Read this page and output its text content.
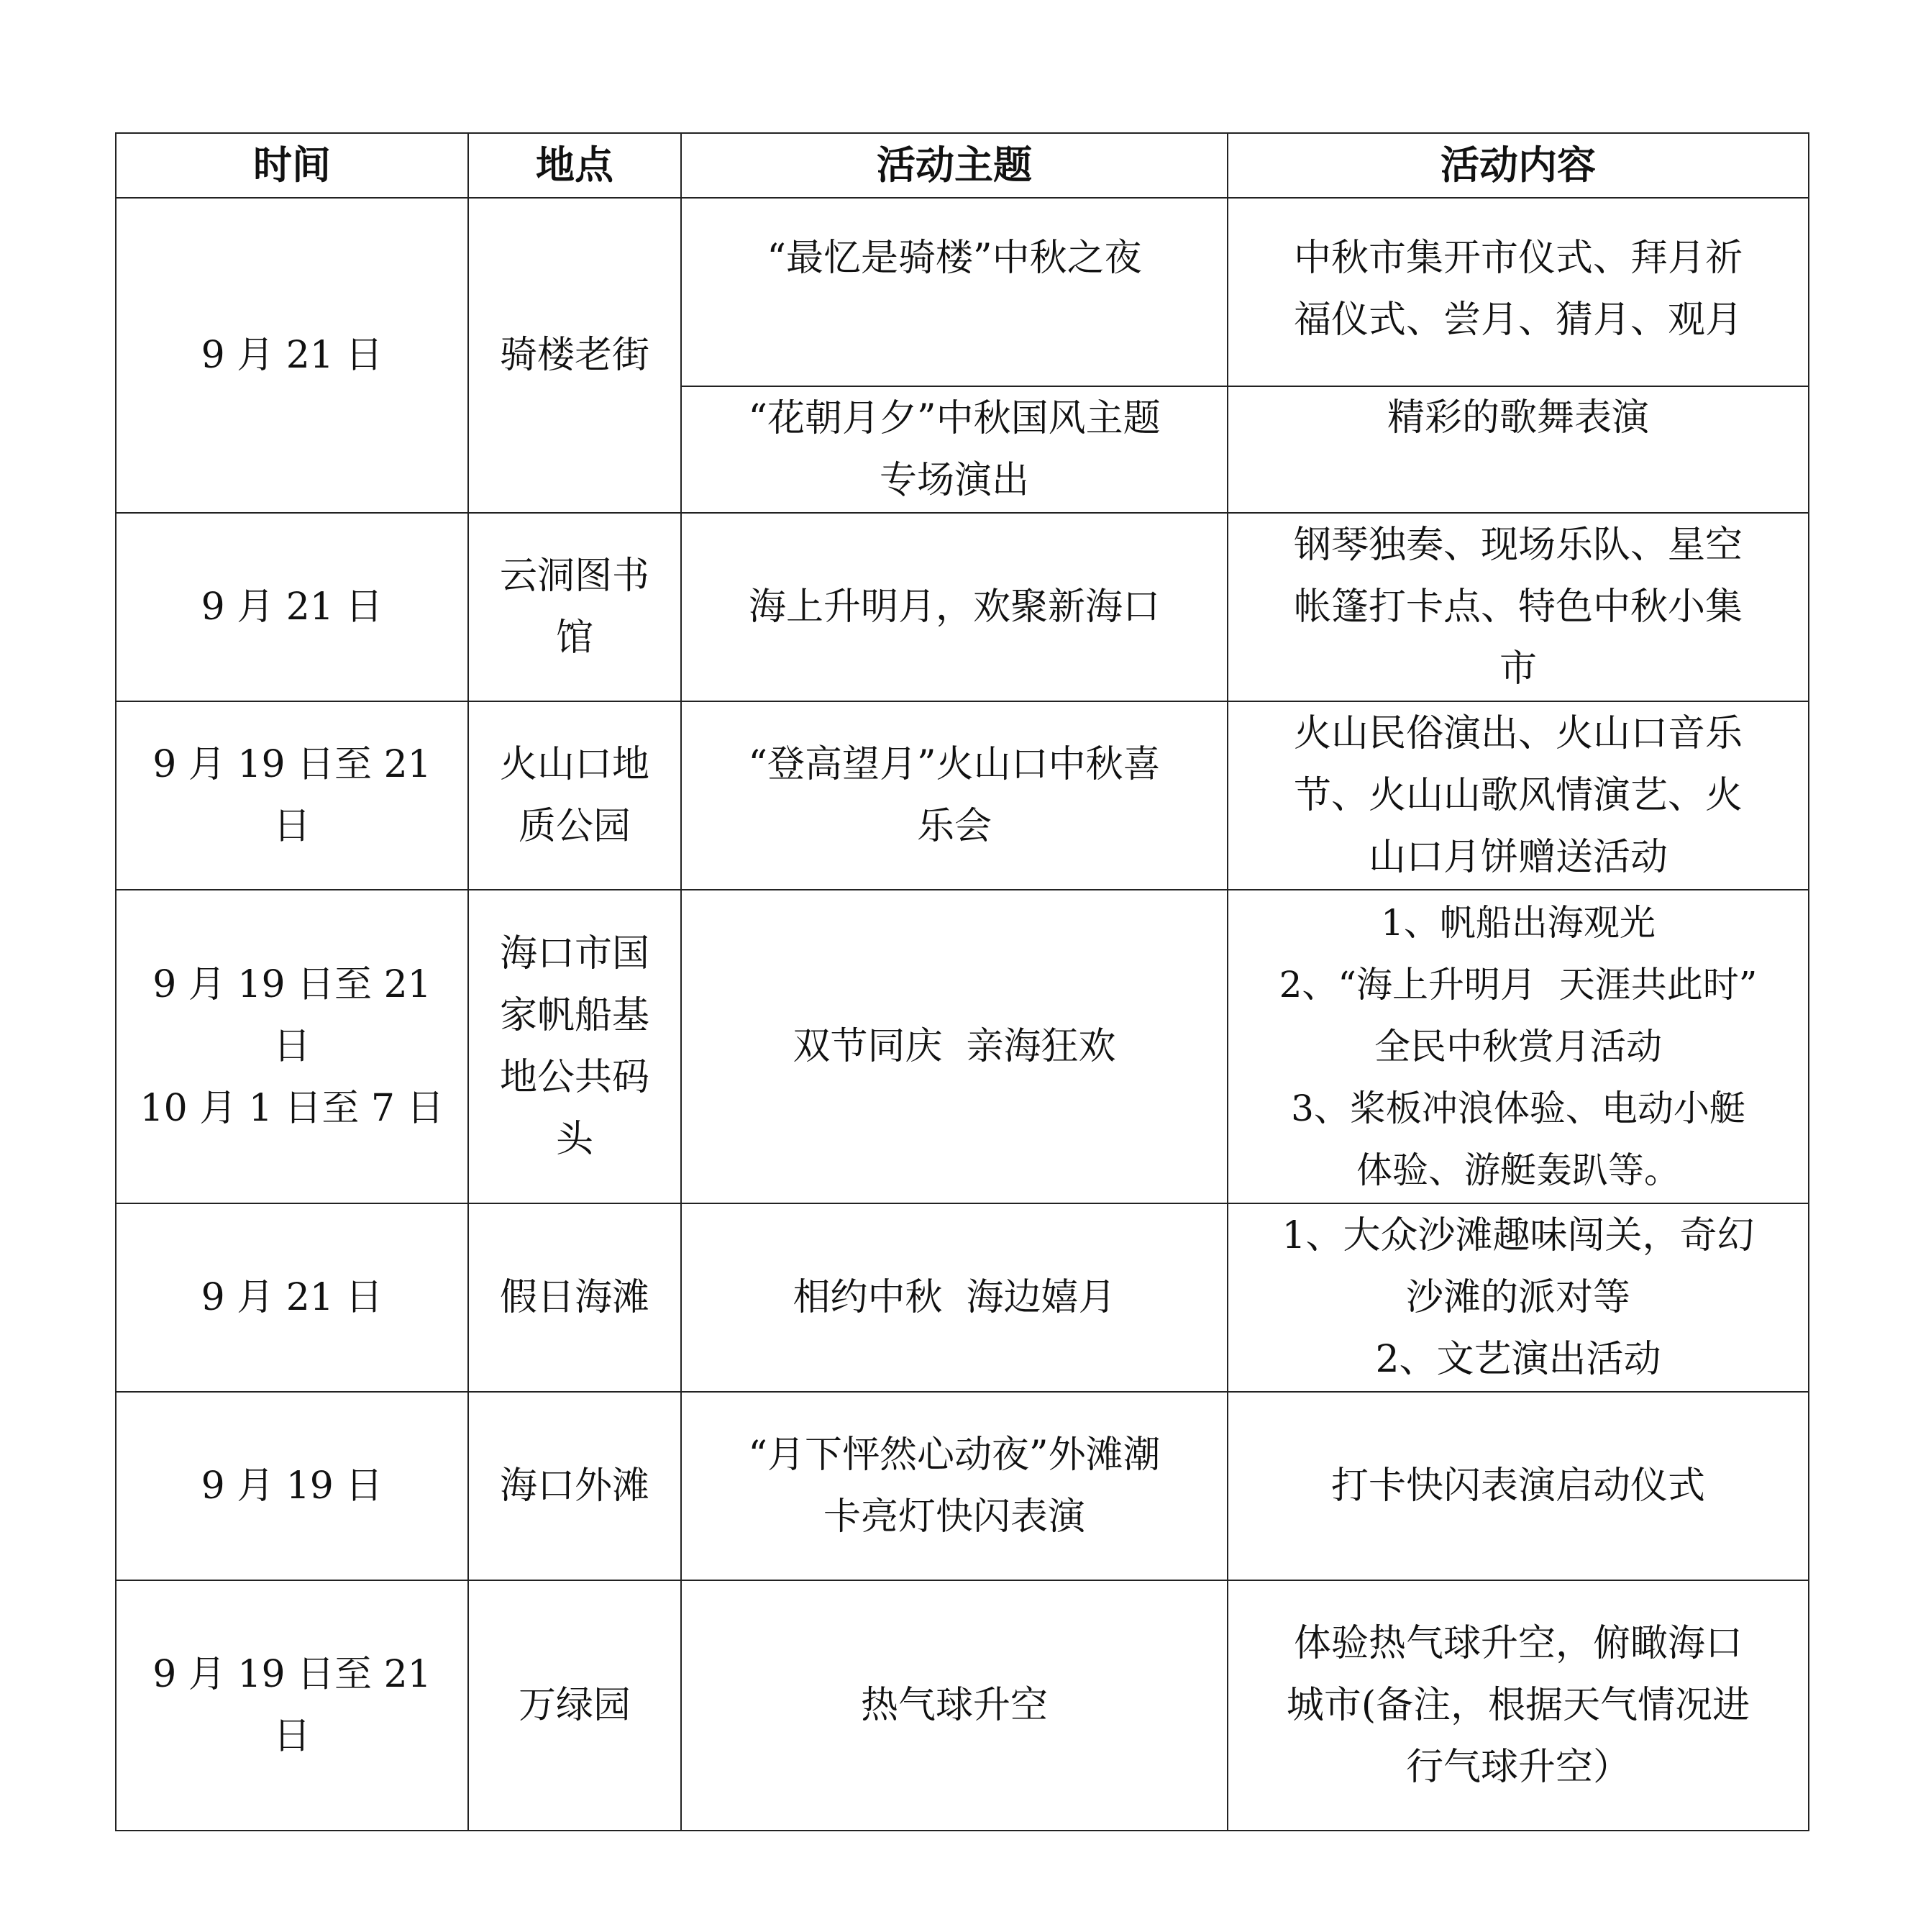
时间	地点	活动主题	活动内容

9 月 21 日	骑楼老街	“最忆是骑楼”中秋之夜	中秋市集开市仪式、拜月祈
福仪式、尝月、猜月、观月

		“花朝月夕”中秋国风主题
专场演出	精彩的歌舞表演

9 月 21 日	云洞图书
馆	海上升明月，欢聚新海口	钢琴独奏、现场乐队、星空
帐篷打卡点、特色中秋小集
市

9 月 19 日至 21
日	火山口地
质公园	“登高望月”火山口中秋喜
乐会	火山民俗演出、火山口音乐
节、火山山歌风情演艺、火
山口月饼赠送活动

9 月 19 日至 21
日
10 月 1 日至 7 日	海口市国
家帆船基
地公共码
头	双节同庆  亲海狂欢	1、帆船出海观光
2、“海上升明月  天涯共此时”
全民中秋赏月活动
3、桨板冲浪体验、电动小艇
体验、游艇轰趴等。

9 月 21 日	假日海滩	相约中秋  海边嬉月	1、大众沙滩趣味闯关，奇幻
沙滩的派对等
2、文艺演出活动

9 月 19 日	海口外滩	“月下怦然心动夜”外滩潮
卡亮灯快闪表演	打卡快闪表演启动仪式

9 月 19 日至 21
日	万绿园	热气球升空	体验热气球升空，俯瞰海口
城市(备注，根据天气情况进
行气球升空）
